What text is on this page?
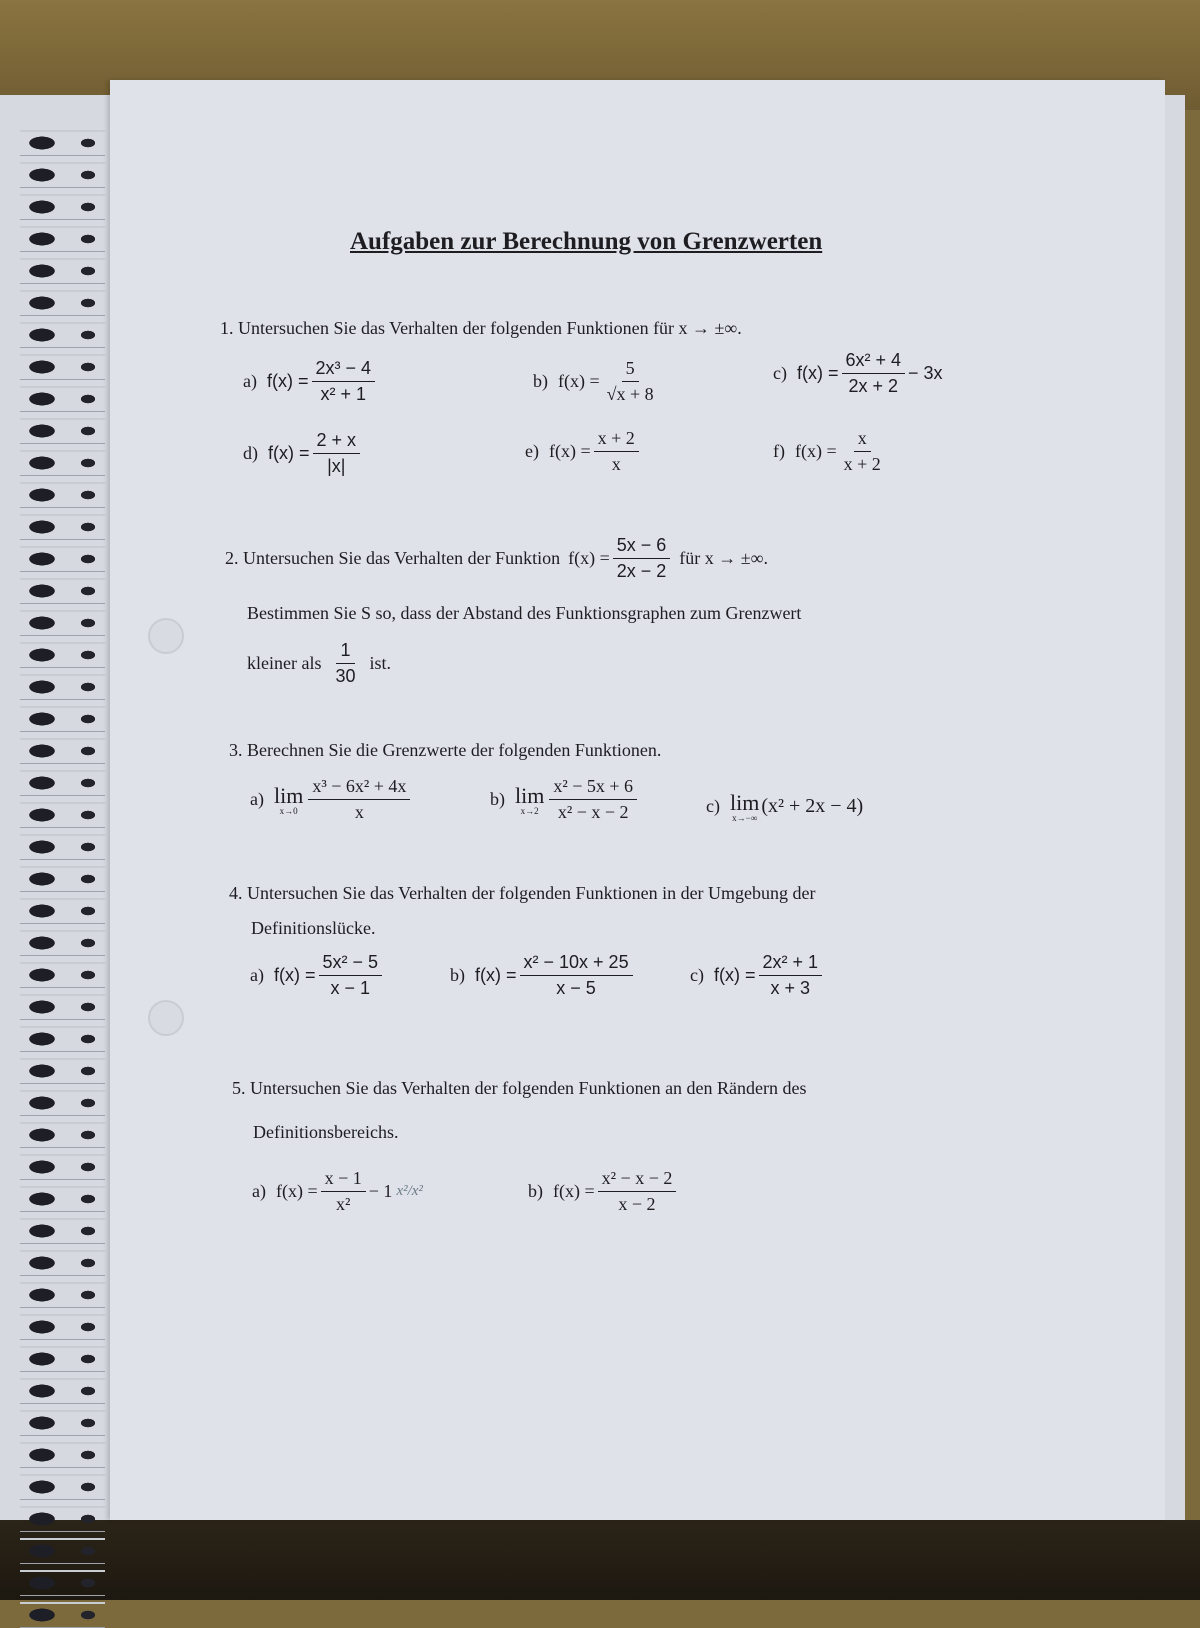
Aufgaben zur Berechnung von Grenzwerten
1. Untersuchen Sie das Verhalten der folgenden Funktionen für x → ±∞.
a) $f(x) = \frac{\text{2x³ − 4}}{\text{x² + 1}}$	b) $f(x) = \frac{5}{√x + 8}$	c) $f(x) = \frac{\text{6x² + 4}}{2x + 2} - 3x$
d) $f(x) = \frac{2 + x}{|x|}$	e) $f(x) = \frac{x + 2}{x}$	f) $f(x) = \frac{x}{x + 2}$
2. Untersuchen Sie das Verhalten der Funktion $f(x) = \frac{5x - 6}{2x - 2}$ für x → ±∞.
Bestimmen Sie S so, dass der Abstand des Funktionsgraphen zum Grenzwert
kleiner als $\frac{1}{30}$ ist.
3. Berechnen Sie die Grenzwerte der folgenden Funktionen.
a) lim
$x\to 0 \frac{\text{x³ − 6x² + 4x}}{x}$	b) lim
$x\to 2 \frac{\text{x² − 5x + 6}}{\text{x² − x − 2}}$	c) lim
x→−∞
(x² + 2x − 4)
4. Untersuchen Sie das Verhalten der folgenden Funktionen in der Umgebung der
Definitionslücke.
a) $f(x) = \frac{\text{5x² − 5}}{x - 1}$	b) $f(x) = \frac{\text{x² − 10x + 25}}{x - 5}$	c) $f(x) = \frac{\text{2x² + 1}}{x + 3}$
5. Untersuchen Sie das Verhalten der folgenden Funktionen an den Rändern des
Definitionsbereichs.
a) $f(x) = \frac{x - 1}{\text{x²}} - 1$ x²/x²	b) $f(x) = \frac{\text{x² − x − 2}}{x - 2}$
